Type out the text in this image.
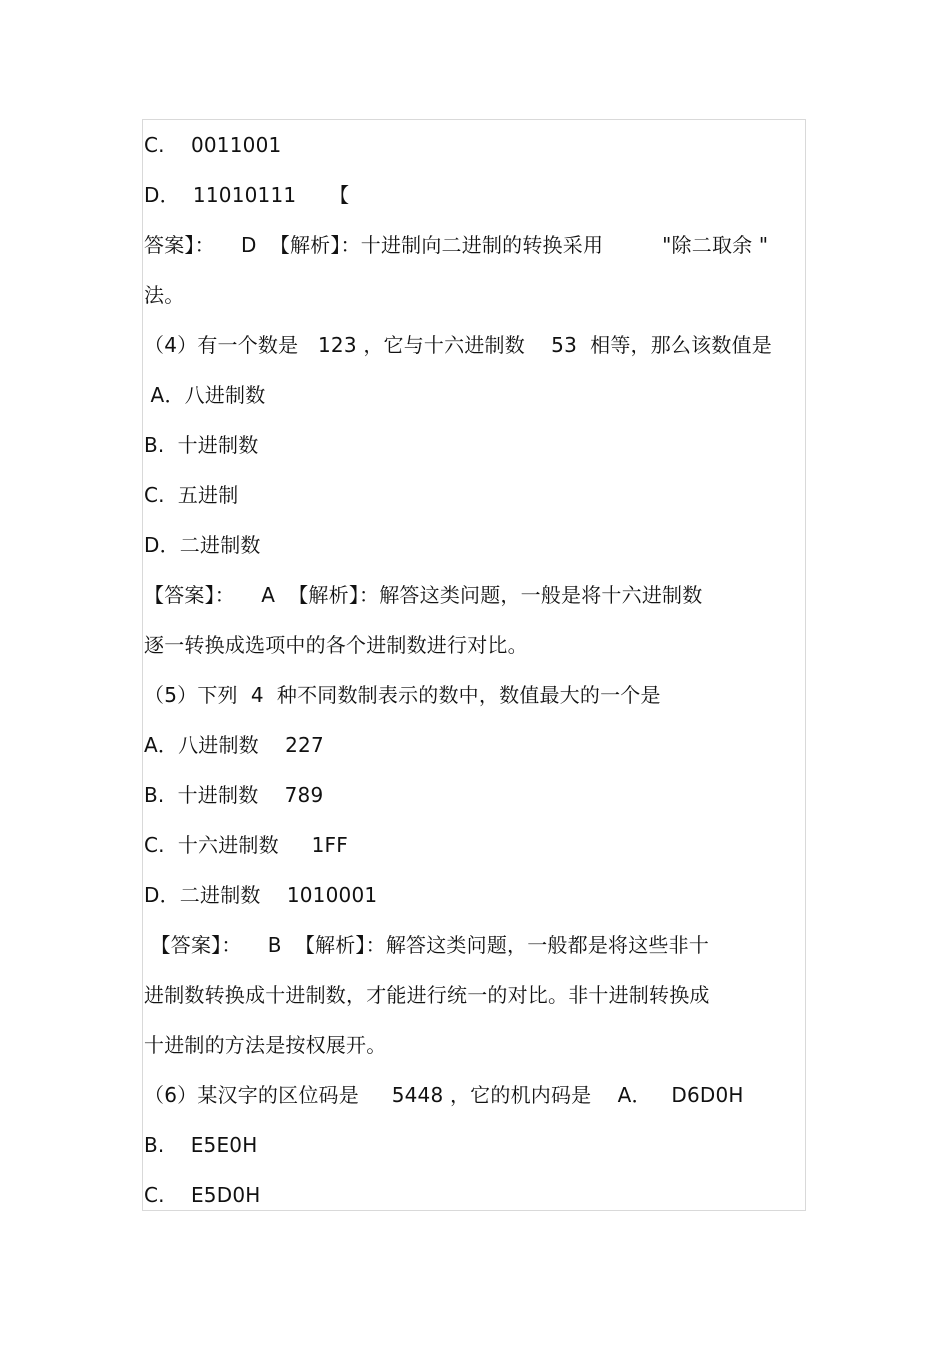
C.    0011001
D．  11010111     【
答案】：    D  【解析】：十进制向二进制的转换采用         "除二取余 "
法。
（4）有一个数是   123 ，它与十六进制数    53  相等，那么该数值是
A．八进制数
B.  十进制数
C.  五进制
D．二进制数
【答案】：    A  【解析】：解答这类问题，一般是将十六进制数
逐一转换成选项中的各个进制数进行对比。
（5）下列  4  种不同数制表示的数中，数值最大的一个是
A．八进制数    227
B.  十进制数    789
C.  十六进制数     1FF
D．二进制数    1010001
【答案】：    B  【解析】：解答这类问题，一般都是将这些非十
进制数转换成十进制数，才能进行统一的对比。非十进制转换成
十进制的方法是按权展开。
（6）某汉字的区位码是     5448 ，它的机内码是    A．   D6D0H
B.    E5E0H
C.    E5D0H
